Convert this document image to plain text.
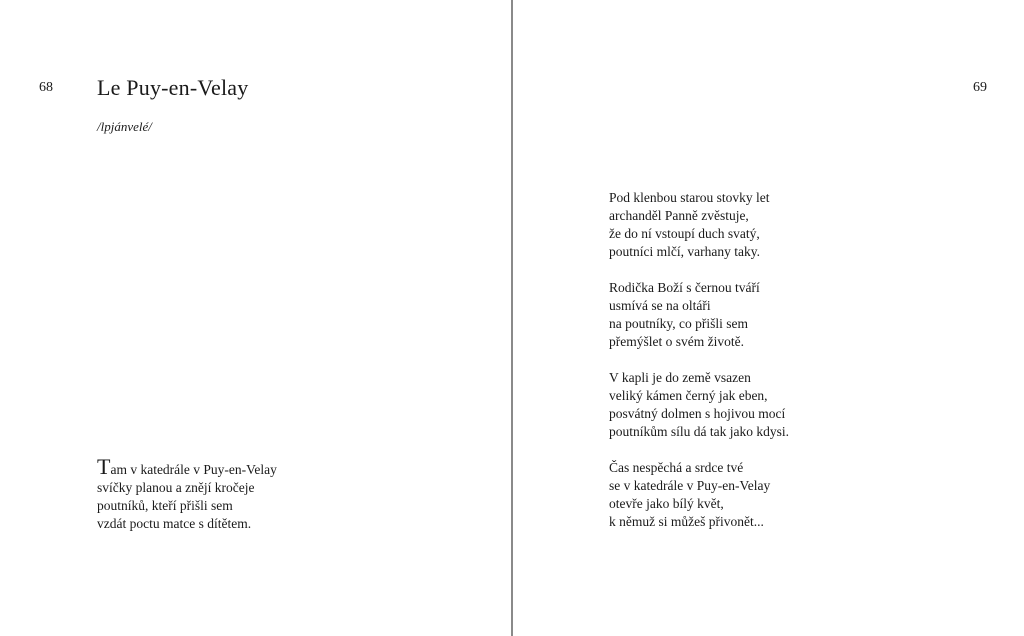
68 Le Puy-en-Velay
/lpjánvelé/
Tam v katedrále v Puy-en-Velay
svíčky planou a znějí kročeje
poutníků, kteří přišli sem
vzdát poctu matce s dítětem.
69
Pod klenbou starou stovky let
archanděl Panně zvěstuje,
že do ní vstoupí duch svatý,
poutníci mlčí, varhany taky.
Rodička Boží s černou tváří
usmívá se na oltáři
na poutníky, co přišli sem
přemýšlet o svém životě.
V kapli je do země vsazen
veliký kámen černý jak eben,
posvátný dolmen s hojivou mocí
poutníkům sílu dá tak jako kdysi.
Čas nespěchá a srdce tvé
se v katedrále v Puy-en-Velay
otevře jako bílý květ,
k němuž si můžeš přivonět...
